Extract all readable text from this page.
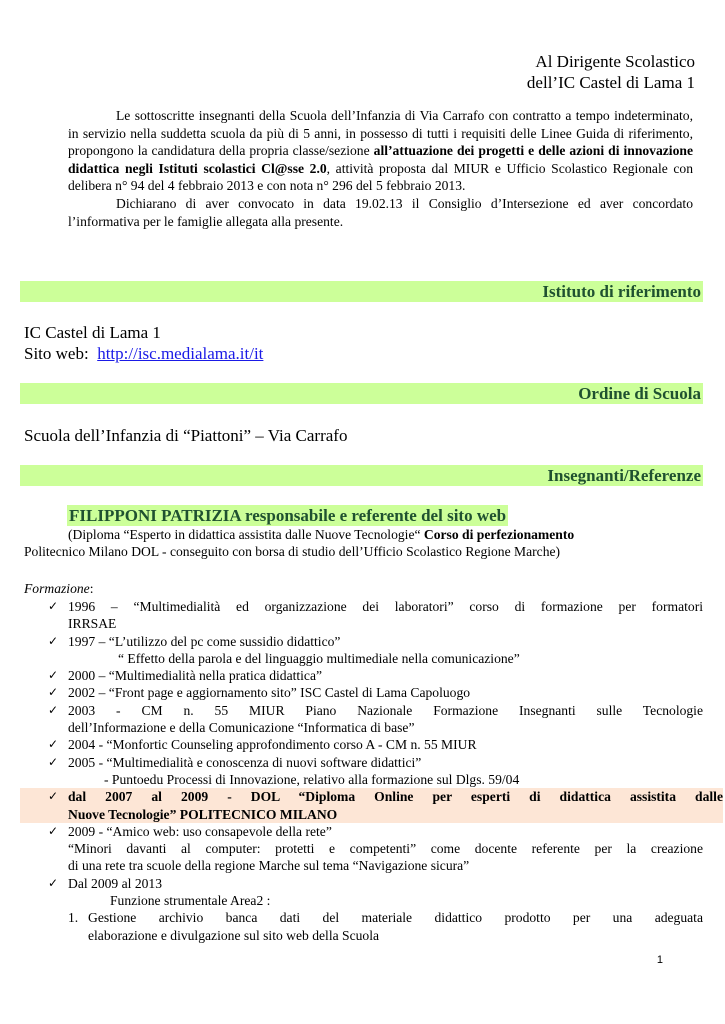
Al Dirigente Scolastico
dell’IC Castel di Lama 1

Le sottoscritte insegnanti della Scuola dell’Infanzia di Via Carrafo con contratto a tempo indeterminato, in servizio nella suddetta scuola da più di 5 anni, in possesso di tutti i requisiti delle Linee Guida di riferimento, propongono la candidatura della propria classe/sezione all’attuazione dei progetti e delle azioni di innovazione didattica negli Istituti scolastici Cl@sse 2.0, attività proposta dal MIUR e Ufficio Scolastico Regionale con delibera n° 94 del 4 febbraio 2013 e con nota n° 296 del 5 febbraio 2013.

Dichiarano di aver convocato in data 19.02.13 il Consiglio d’Intersezione ed aver concordato l’informativa per le famiglie allegata alla presente.

Istituto di riferimento
IC Castel di Lama 1
Sito web: http://isc.medialama.it/it
Ordine di Scuola
Scuola dell’Infanzia di “Piattoni” – Via Carrafo
Insegnanti/Referenze
FILIPPONI PATRIZIA responsabile e referente del sito web
(Diploma “Esperto in didattica assistita dalle Nuove Tecnologie“ Corso di perfezionamento
Politecnico Milano DOL - conseguito con borsa di studio dell’Ufficio Scolastico Regione Marche)
Formazione:
✓ 1996 – “Multimedialità ed organizzazione dei laboratori” corso di formazione per formatori
IRRSAE
✓ 1997 – “L’utilizzo del pc come sussidio didattico”
“ Effetto della parola e del linguaggio multimediale nella comunicazione”
✓ 2000 – “Multimedialità nella pratica didattica”
✓ 2002 – “Front page e aggiornamento sito” ISC Castel di Lama Capoluogo
✓ 2003 - CM n. 55 MIUR Piano Nazionale Formazione Insegnanti sulle Tecnologie
dell’Informazione e della Comunicazione “Informatica di base”
✓ 2004 - “Monfortic Counseling approfondimento corso A - CM n. 55 MIUR
✓ 2005 - “Multimedialità e conoscenza di nuovi software didattici”
- Puntoedu Processi di Innovazione, relativo alla formazione sul Dlgs. 59/04
✓ dal 2007 al 2009 - DOL “Diploma Online per esperti di didattica assistita dalle
Nuove Tecnologie” POLITECNICO MILANO
✓ 2009 - “Amico web: uso consapevole della rete”
“Minori davanti al computer: protetti e competenti” come docente referente per la creazione
di una rete tra scuole della regione Marche sul tema “Navigazione sicura”
✓ Dal 2009 al 2013
Funzione strumentale Area2 :
1. Gestione archivio banca dati del materiale didattico prodotto per una adeguata
elaborazione e divulgazione sul sito web della Scuola
1
